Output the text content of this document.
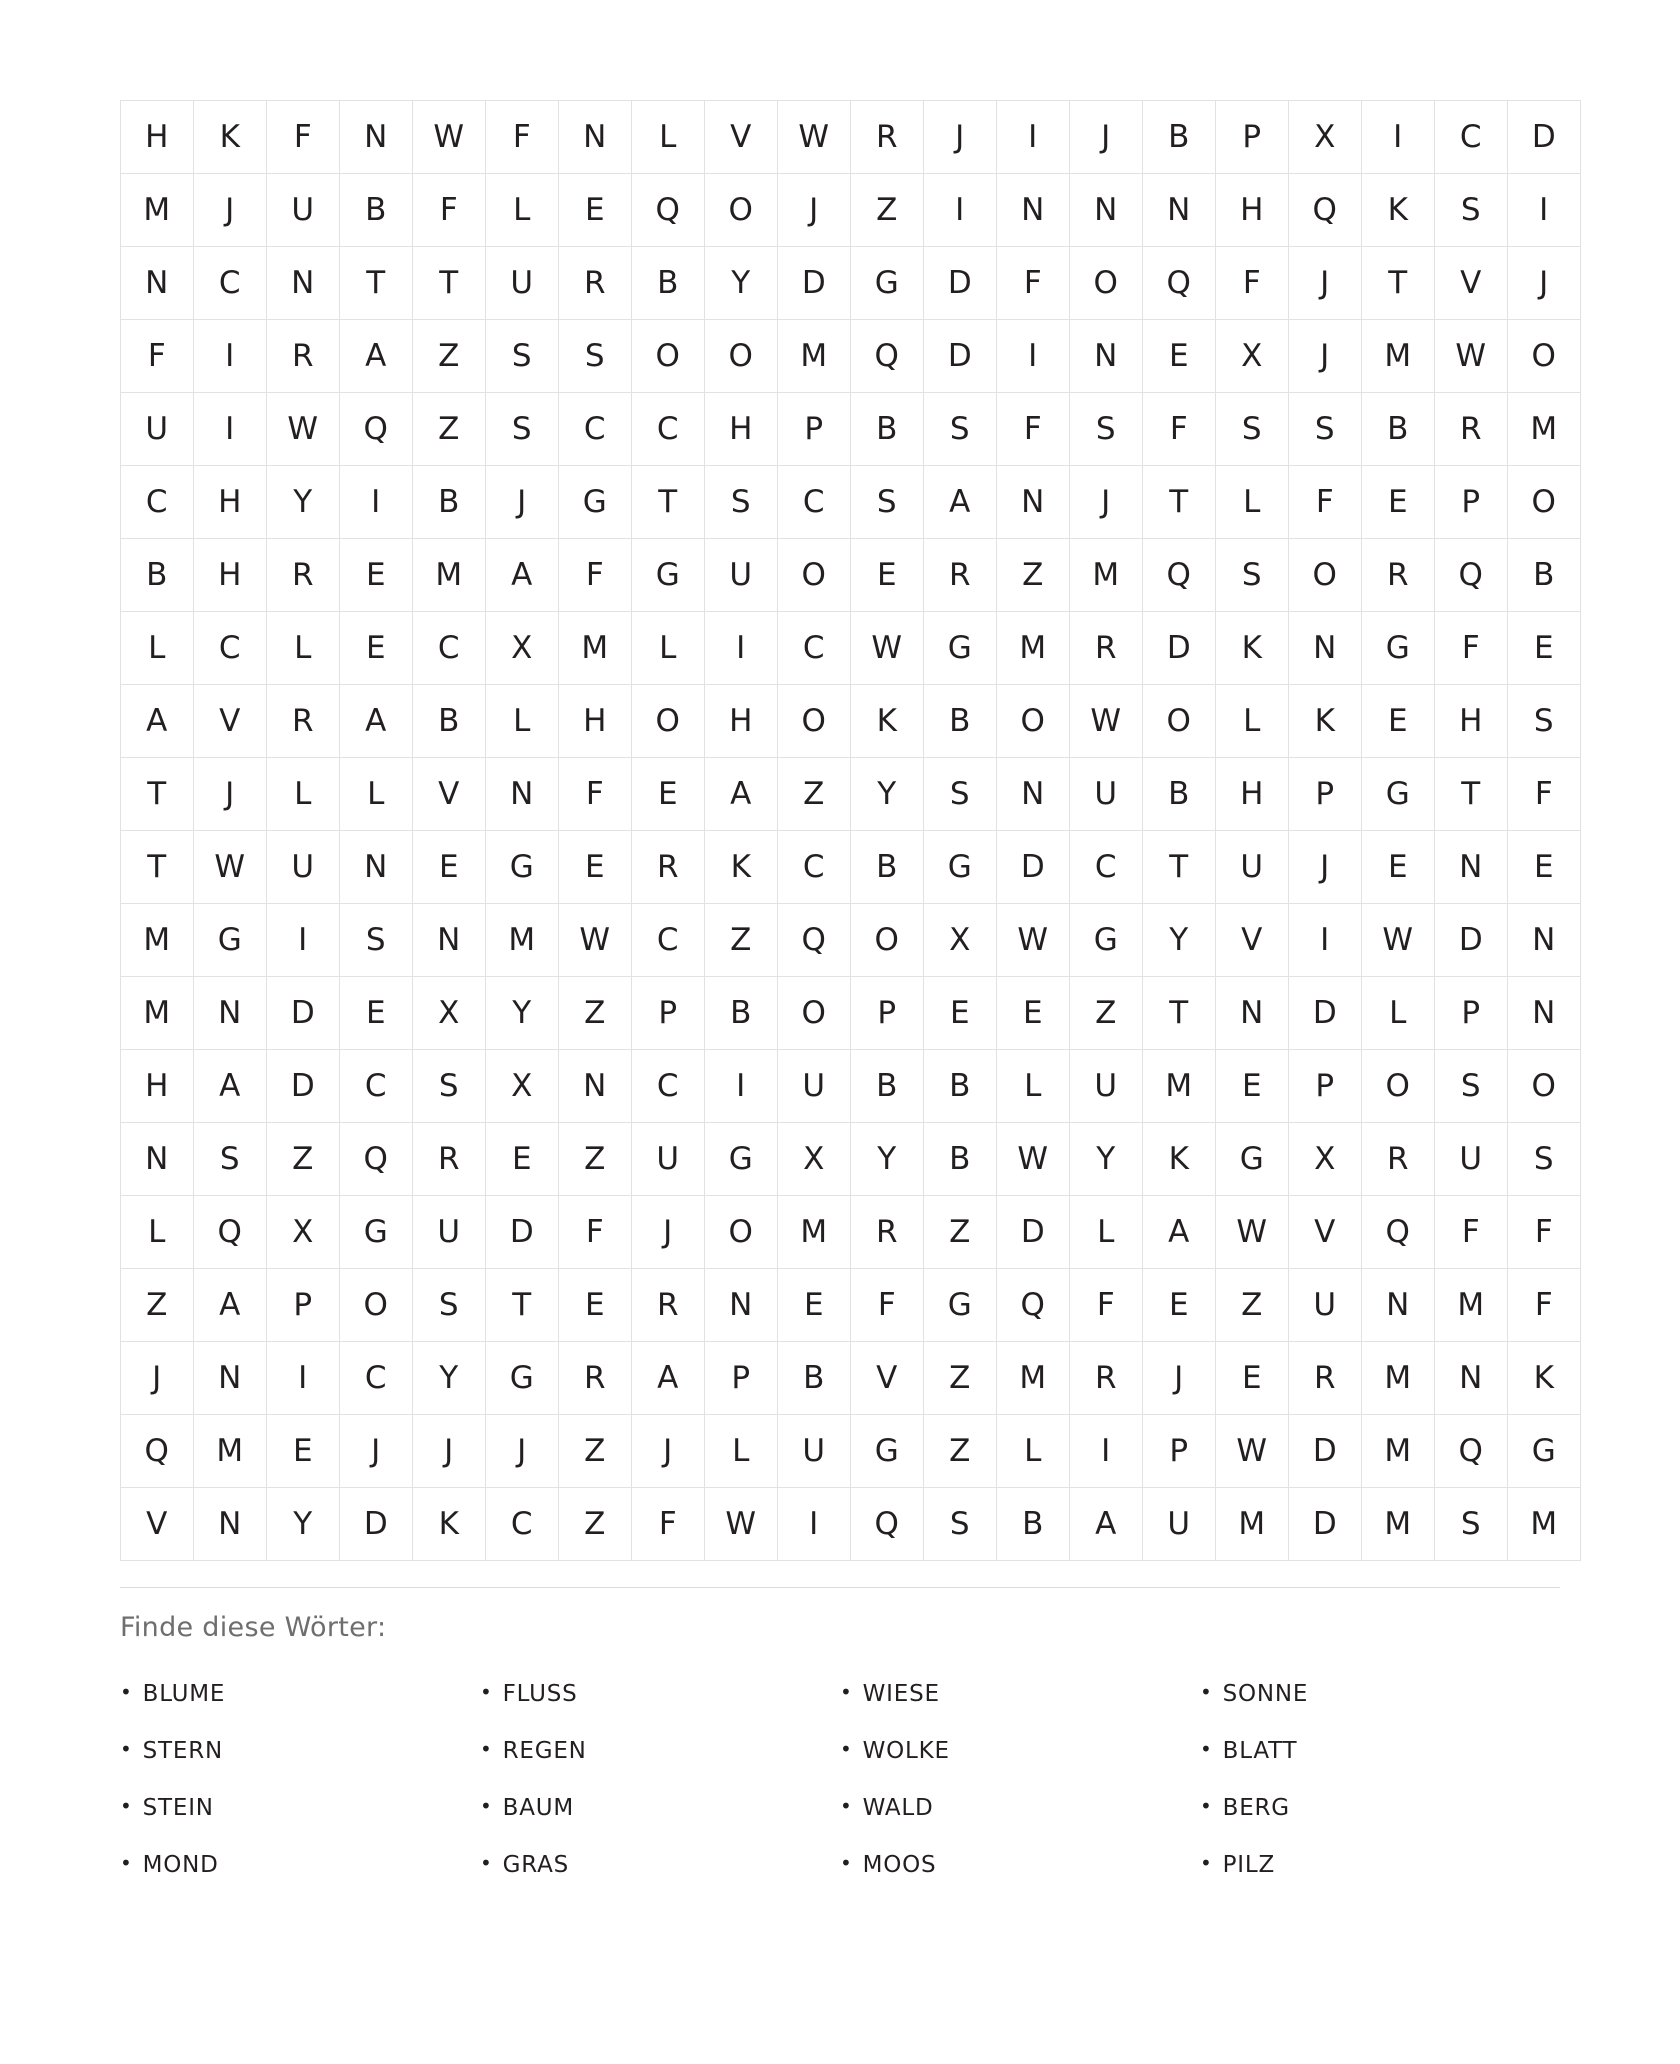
H	K	F	N	W	F	N	L	V	W	R	J	I	J	B	P	X	I	C	D
M	J	U	B	F	L	E	Q	O	J	Z	I	N	N	N	H	Q	K	S	I
N	C	N	T	T	U	R	B	Y	D	G	D	F	O	Q	F	J	T	V	J
F	I	R	A	Z	S	S	O	O	M	Q	D	I	N	E	X	J	M	W	O
U	I	W	Q	Z	S	C	C	H	P	B	S	F	S	F	S	S	B	R	M
C	H	Y	I	B	J	G	T	S	C	S	A	N	J	T	L	F	E	P	O
B	H	R	E	M	A	F	G	U	O	E	R	Z	M	Q	S	O	R	Q	B
L	C	L	E	C	X	M	L	I	C	W	G	M	R	D	K	N	G	F	E
A	V	R	A	B	L	H	O	H	O	K	B	O	W	O	L	K	E	H	S
T	J	L	L	V	N	F	E	A	Z	Y	S	N	U	B	H	P	G	T	F
T	W	U	N	E	G	E	R	K	C	B	G	D	C	T	U	J	E	N	E
M	G	I	S	N	M	W	C	Z	Q	O	X	W	G	Y	V	I	W	D	N
M	N	D	E	X	Y	Z	P	B	O	P	E	E	Z	T	N	D	L	P	N
H	A	D	C	S	X	N	C	I	U	B	B	L	U	M	E	P	O	S	O
N	S	Z	Q	R	E	Z	U	G	X	Y	B	W	Y	K	G	X	R	U	S
L	Q	X	G	U	D	F	J	O	M	R	Z	D	L	A	W	V	Q	F	F
Z	A	P	O	S	T	E	R	N	E	F	G	Q	F	E	Z	U	N	M	F
J	N	I	C	Y	G	R	A	P	B	V	Z	M	R	J	E	R	M	N	K
Q	M	E	J	J	J	Z	J	L	U	G	Z	L	I	P	W	D	M	Q	G
V	N	Y	D	K	C	Z	F	W	I	Q	S	B	A	U	M	D	M	S	M
Finde diese Wörter:
• BLUME
• STERN
• STEIN
• MOND
• FLUSS
• REGEN
• BAUM
• GRAS
• WIESE
• WOLKE
• WALD
• MOOS
• SONNE
• BLATT
• BERG
• PILZ
